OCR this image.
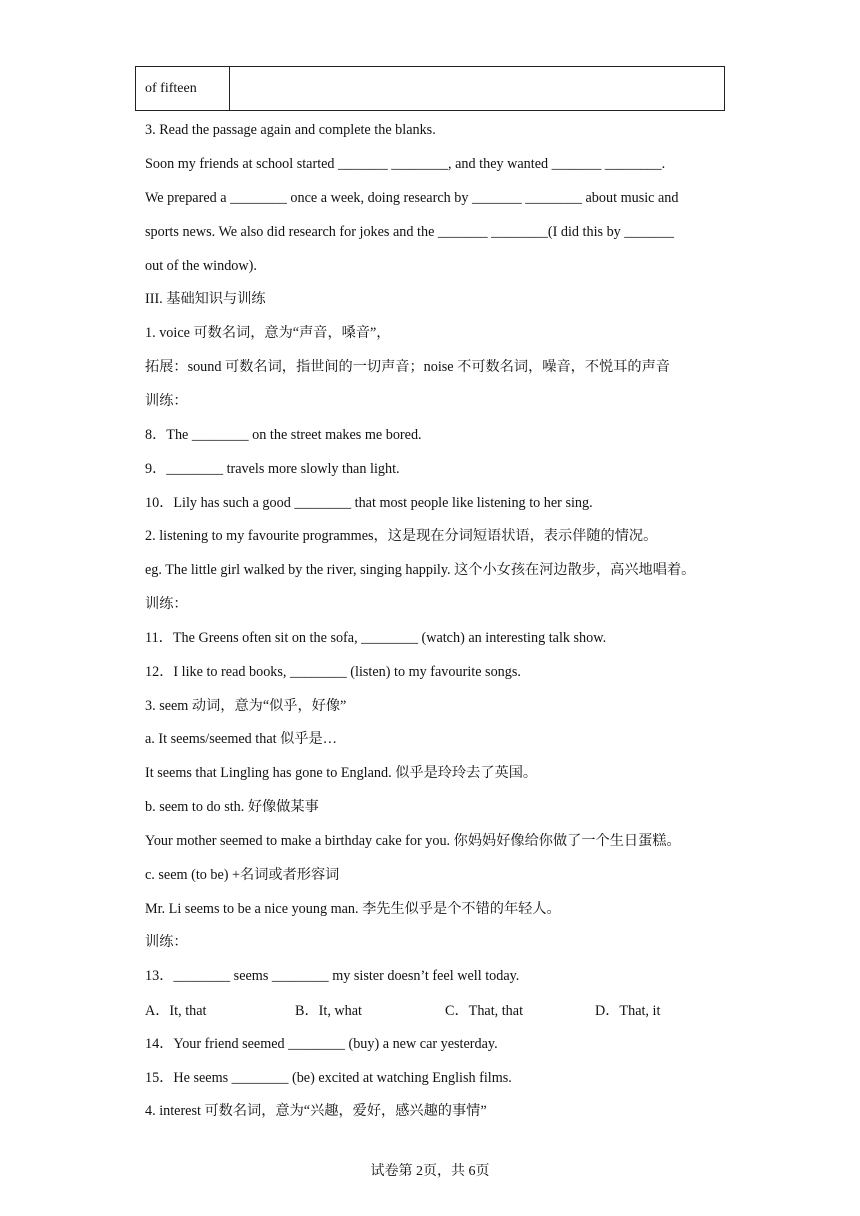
of fifteen	
3. Read the passage again and complete the blanks.
Soon my friends at school started _______ ________, and they wanted _______ ________.
We prepared a ________ once a week, doing research by _______ ________ about music and
sports news. We also did research for jokes and the _______ ________(I did this by _______
out of the window).
III. 基础知识与训练
1. voice 可数名词，意为“声音，嗓音”，
拓展：sound 可数名词，指世间的一切声音；noise 不可数名词，噪音，不悦耳的声音
训练：
8．The ________ on the street makes me bored.
9．________ travels more slowly than light.
10．Lily has such a good ________ that most people like listening to her sing.
2. listening to my favourite programmes，这是现在分词短语状语，表示伴随的情况。
eg. The little girl walked by the river, singing happily. 这个小女孩在河边散步，高兴地唱着。
训练：
11．The Greens often sit on the sofa, ________ (watch) an interesting talk show.
12．I like to read books, ________ (listen) to my favourite songs.
3. seem 动词，意为“似乎，好像”
a. It seems/seemed that 似乎是…
It seems that Lingling has gone to England. 似乎是玲玲去了英国。
b. seem to do sth. 好像做某事
Your mother seemed to make a birthday cake for you. 你妈妈好像给你做了一个生日蛋糕。
c. seem (to be) +名词或者形容词
Mr. Li seems to be a nice young man. 李先生似乎是个不错的年轻人。
训练：
13．________ seems ________ my sister doesn’t feel well today.
A．It, that	B．It, what	C．That, that	D．That, it
14．Your friend seemed ________ (buy) a new car yesterday.
15．He seems ________ (be) excited at watching English films.
4. interest 可数名词，意为“兴趣，爱好，感兴趣的事情”
试卷第 2页，共 6页
